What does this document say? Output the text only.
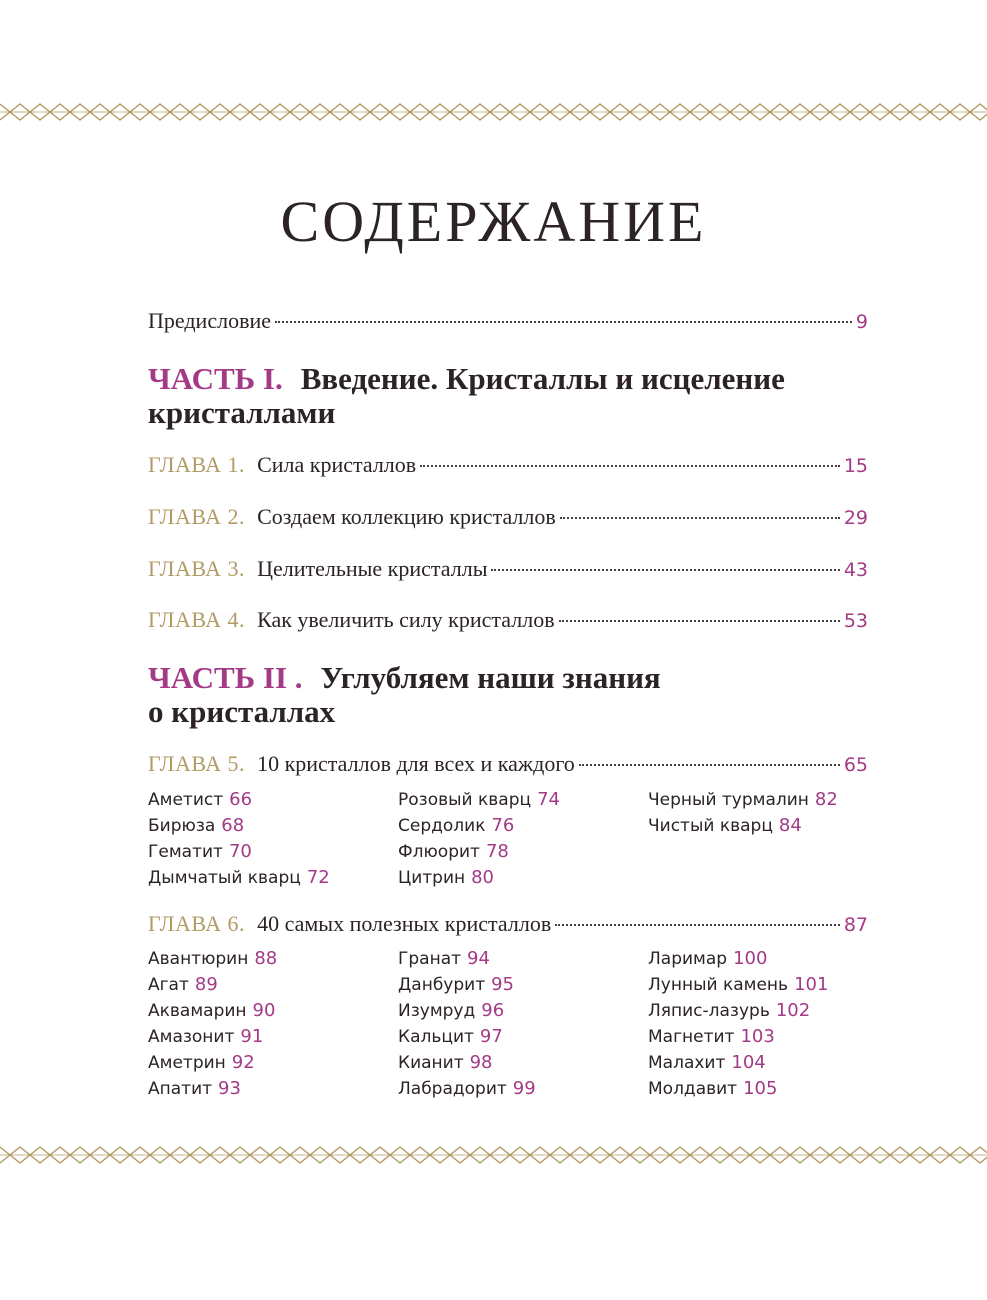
СОДЕРЖАНИЕ
Предисловие	9
ЧАСТЬ I. Введение. Кристаллы и исцеление
кристаллами
ГЛАВА 1. Сила кристаллов	15
ГЛАВА 2. Создаем коллекцию кристаллов	29
ГЛАВА 3. Целительные кристаллы	43
ГЛАВА 4. Как увеличить силу кристаллов	53
ЧАСТЬ II . Углубляем наши знания
о кристаллах
ГЛАВА 5. 10 кристаллов для всех и каждого	65
Аметист 66
Бирюза 68
Гематит 70
Дымчатый кварц 72
Розовый кварц 74
Сердолик 76
Флюорит 78
Цитрин 80
Черный турмалин 82
Чистый кварц 84
ГЛАВА 6. 40 самых полезных кристаллов	87
Авантюрин 88
Агат 89
Аквамарин 90
Амазонит 91
Аметрин 92
Апатит 93
Гранат 94
Данбурит 95
Изумруд 96
Кальцит 97
Кианит 98
Лабрадорит 99
Ларимар 100
Лунный камень 101
Ляпис-лазурь 102
Магнетит 103
Малахит 104
Молдавит 105
